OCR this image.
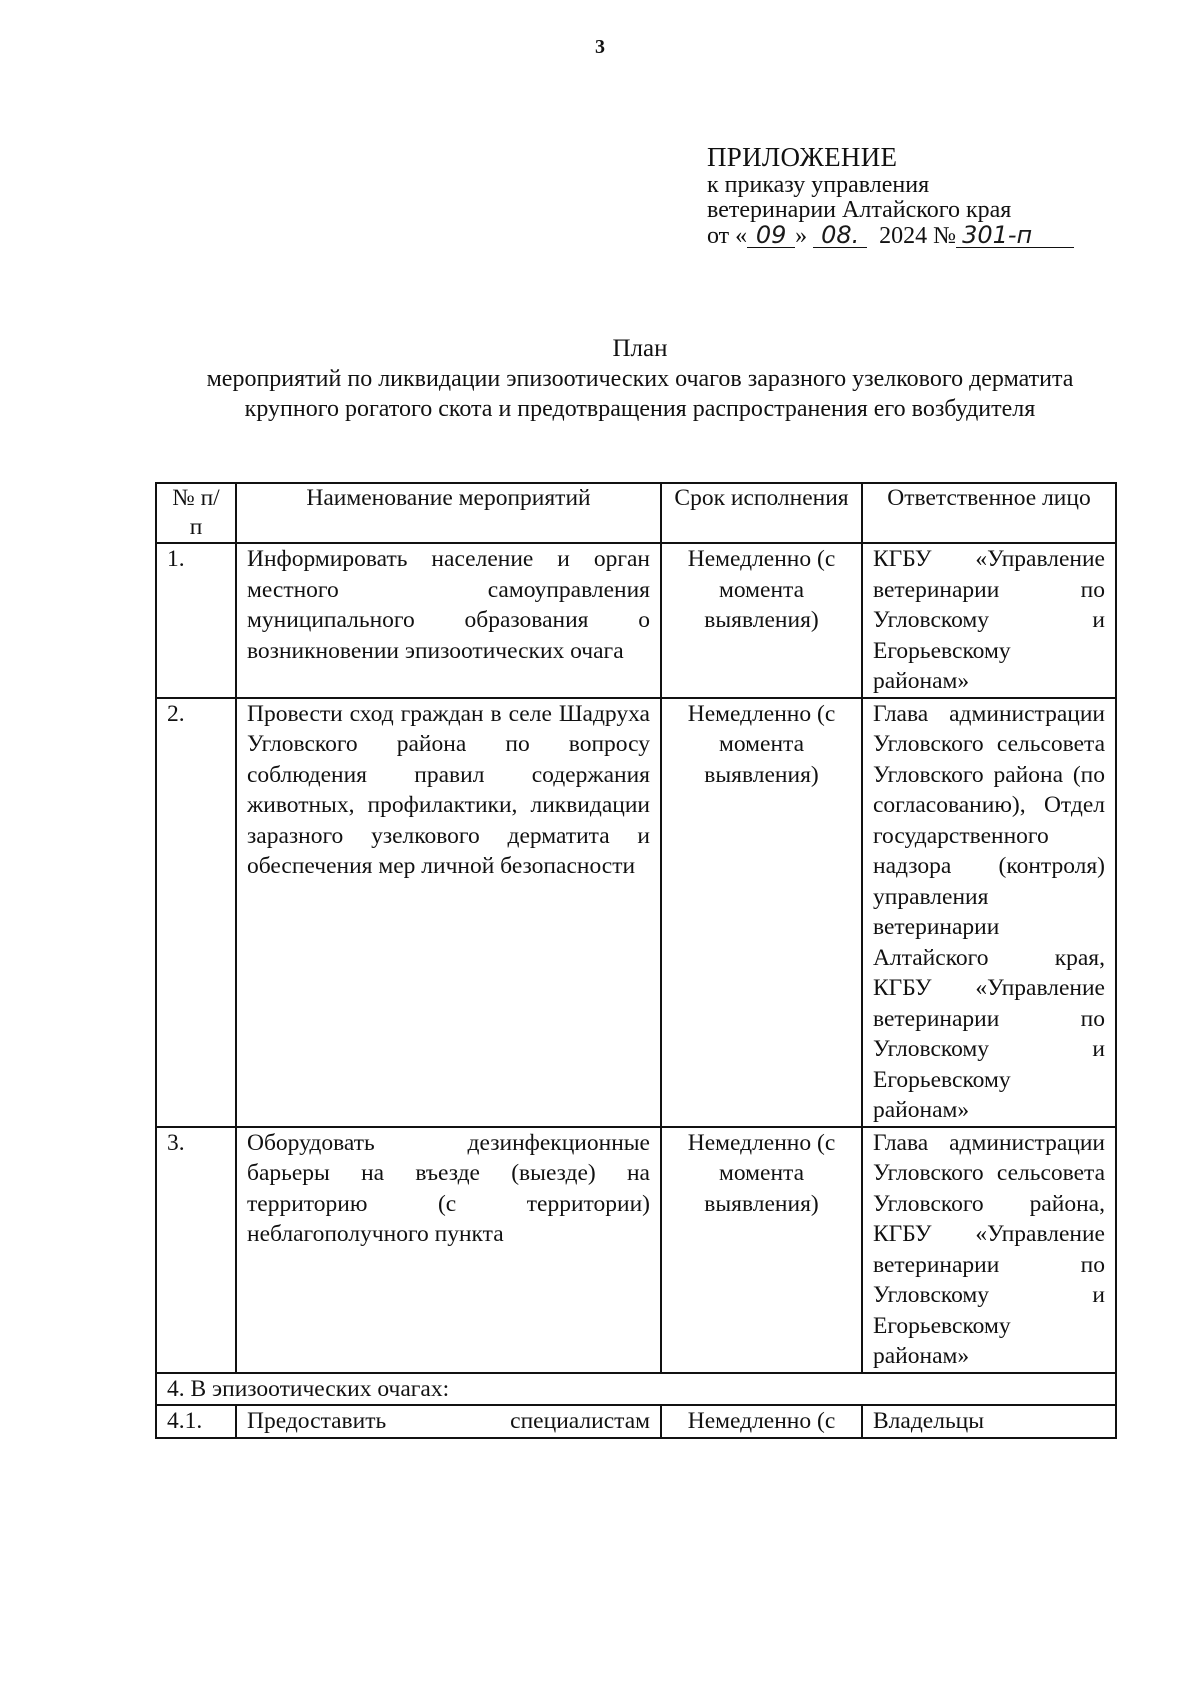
3
ПРИЛОЖЕНИЕ
к приказу управления
ветеринарии Алтайского края
от « 09 » 08. 2024 № 301-п
План
мероприятий по ликвидации эпизоотических очагов заразного узелкового дерматита крупного рогатого скота и предотвращения распространения его возбудителя
№ п/п	Наименование мероприятий	Срок исполнения	Ответственное лицо
1.	Информировать население и орган местного самоуправления муниципального образования о возникновении эпизоотических очага	Немедленно (с момента выявления)	КГБУ «Управление ветеринарии по Угловскому и Егорьевскому районам»
2.	Провести сход граждан в селе Шадруха Угловского района по вопросу соблюдения правил содержания животных, профилактики, ликвидации заразного узелкового дерматита и обеспечения мер личной безопасности	Немедленно (с момента выявления)	Глава администрации Угловского сельсовета Угловского района (по согласованию), Отдел государственного надзора (контроля) управления ветеринарии Алтайского края, КГБУ «Управление ветеринарии по Угловскому и Егорьевскому районам»
3.	Оборудовать дезинфекционные барьеры на въезде (выезде) на территорию (с территории) неблагополучного пункта	Немедленно (с момента выявления)	Глава администрации Угловского сельсовета Угловского района, КГБУ «Управление ветеринарии по Угловскому и Егорьевскому районам»
4. В эпизоотических очагах:			
4.1.	Предоставить специалистам	Немедленно (с	Владельцы
